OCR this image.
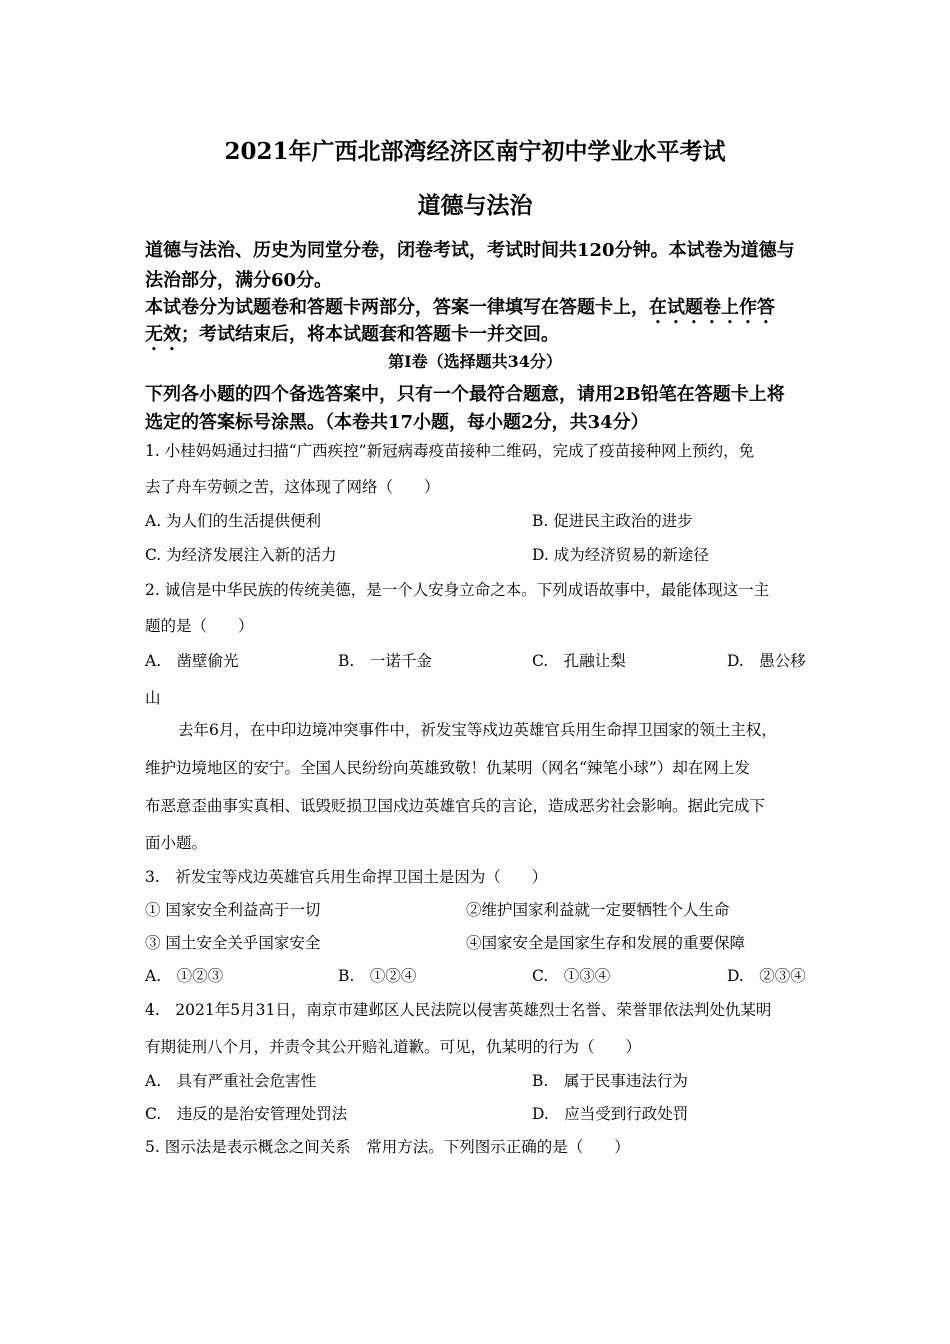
2021年广西北部湾经济区南宁初中学业水平考试
道德与法治
道德与法治、历史为同堂分卷，闭卷考试，考试时间共120分钟。本试卷为道德与
法治部分，满分60分。
本试卷分为试题卷和答题卡两部分，答案一律填写在答题卡上，在试题卷上作答
无效；考试结束后，将本试题套和答题卡一并交回。
第Ⅰ卷（选择题共34分）
下列各小题的四个备选答案中，只有一个最符合题意，请用2B铅笔在答题卡上将
选定的答案标号涂黑。（本卷共17小题，每小题2分，共34分）
1. 小桂妈妈通过扫描“广西疾控”新冠病毒疫苗接种二维码，完成了疫苗接种网上预约，免
去了舟车劳顿之苦，这体现了网络（　　）
A. 为人们的生活提供便利	B. 促进民主政治的进步
C. 为经济发展注入新的活力	D. 成为经济贸易的新途径
2. 诚信是中华民族的传统美德，是一个人安身立命之本。下列成语故事中，最能体现这一主
题的是（　　）
A.　凿壁偷光	B.　一诺千金	C.　孔融让梨	D.　愚公移
山
去年6月，在中印边境冲突事件中，祈发宝等戍边英雄官兵用生命捍卫国家的领土主权，
维护边境地区的安宁。全国人民纷纷向英雄致敬！仇某明（网名“辣笔小球”）却在网上发
布恶意歪曲事实真相、诋毁贬损卫国戍边英雄官兵的言论，造成恶劣社会影响。据此完成下
面小题。
3.　祈发宝等戍边英雄官兵用生命捍卫国土是因为（　　）
① 国家安全利益高于一切	②维护国家利益就一定要牺牲个人生命
③ 国土安全关乎国家安全	④国家安全是国家生存和发展的重要保障
A.　①②③	B.　①②④	C.　①③④	D.　②③④
4.　2021年5月31日，南京市建邺区人民法院以侵害英雄烈士名誉、荣誉罪依法判处仇某明
有期徒刑八个月，并责令其公开赔礼道歉。可见，仇某明的行为（　　）
A.　具有严重社会危害性	B.　属于民事违法行为
C.　违反的是治安管理处罚法	D.　应当受到行政处罚
5. 图示法是表示概念之间关系　常用方法。下列图示正确的是（　　）
